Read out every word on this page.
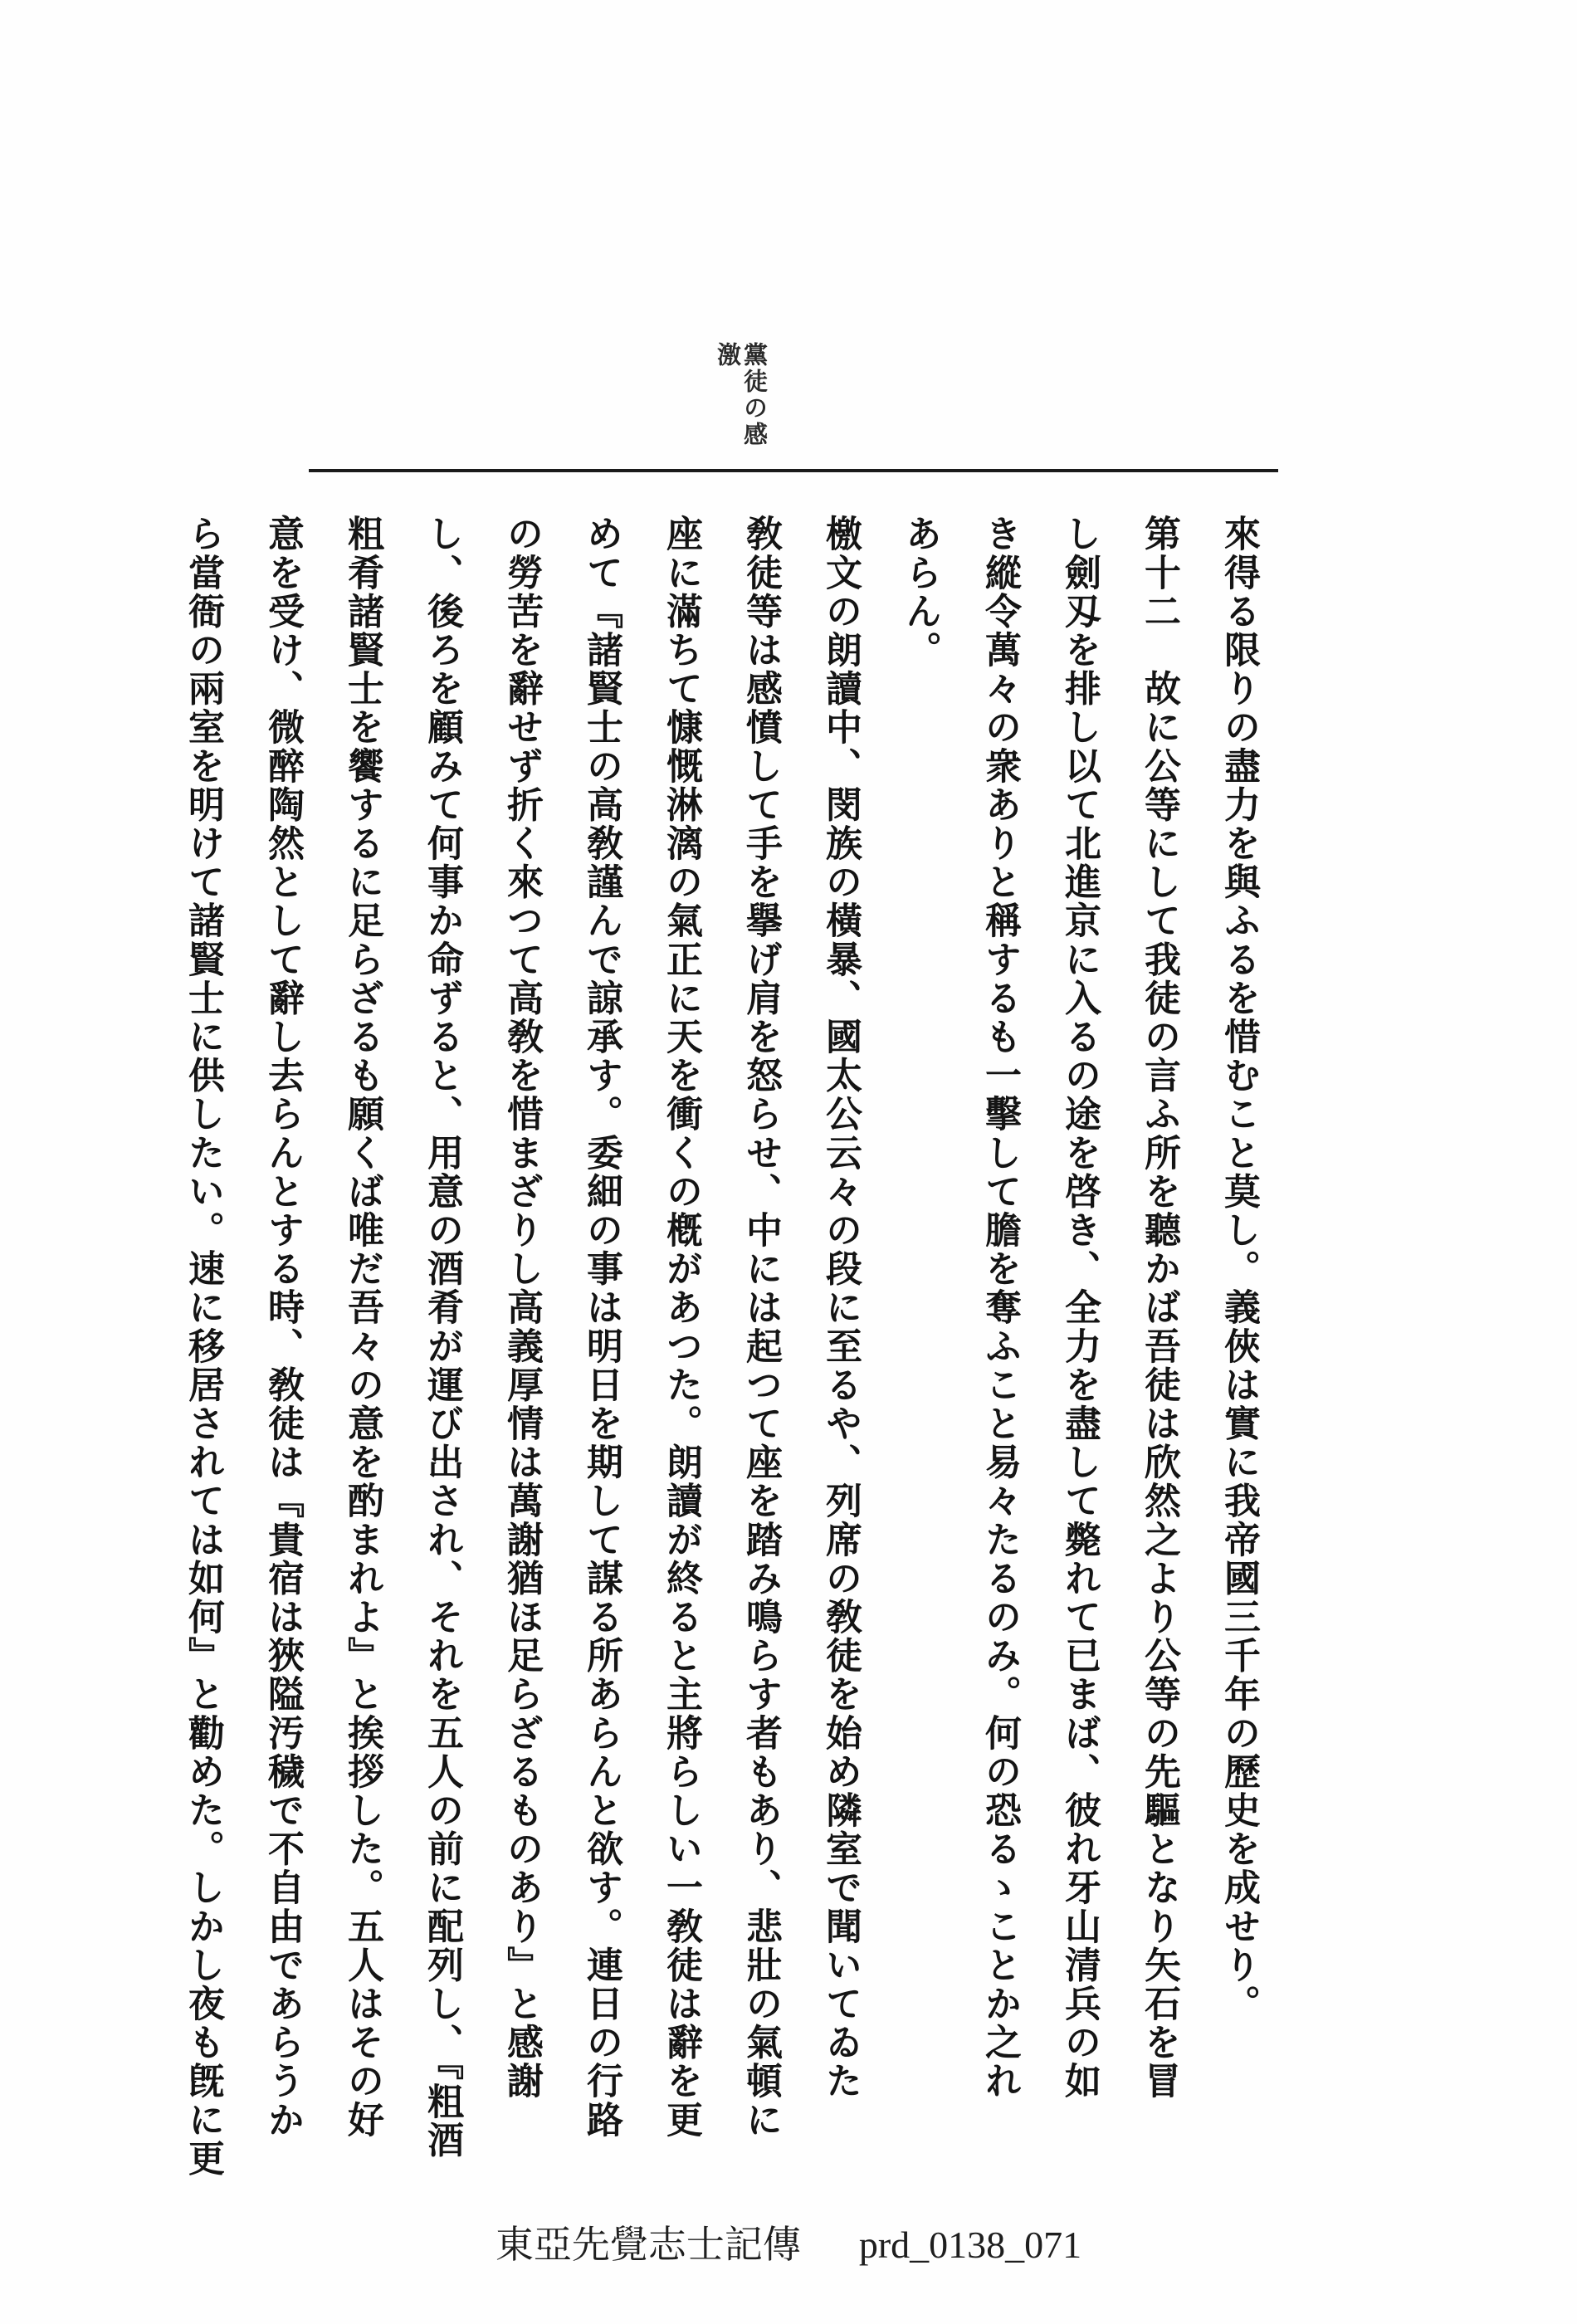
黨徒の感
激
來得る限りの盡力を與ふるを惜むこと莫し。義俠は實に我帝國三千年の歷史を成せり。
第十二　故に公等にして我徒の言ふ所を聽かば吾徒は欣然之より公等の先驅となり矢石を冒
し劍刄を排し以て北進京に入るの途を啓き、全力を盡して斃れて已まば、彼れ牙山清兵の如
き縱令萬々の衆ありと稱するも一擊して膽を奪ふこと易々たるのみ。何の恐るゝことか之れ
あらん。
檄文の朗讀中、閔族の橫暴、國太公云々の段に至るや、列席の敎徒を始め隣室で聞いてゐた
敎徒等は感憤して手を擧げ肩を怒らせ、中には起つて座を踏み鳴らす者もあり、悲壯の氣頓に
座に滿ちて慷慨淋漓の氣正に天を衝くの槪があつた。朗讀が終ると主將らしい一敎徒は辭を更
めて『諸賢士の高敎謹んで諒承す。委細の事は明日を期して謀る所あらんと欲す。連日の行路
の勞苦を辭せず折く來つて高敎を惜まざりし高義厚情は萬謝猶ほ足らざるものあり』と感謝
し、後ろを顧みて何事か命ずると、用意の酒肴が運び出され、それを五人の前に配列し、『粗酒
粗肴諸賢士を饗するに足らざるも願くば唯だ吾々の意を酌まれよ』と挨拶した。五人はその好
意を受け、微醉陶然として辭し去らんとする時、敎徒は『貴宿は狹隘汚穢で不自由であらうか
ら當衙の兩室を明けて諸賢士に供したい。速に移居されては如何』と勸めた。しかし夜も旣に更
東亞先覺志士記傳 prd_0138_071
